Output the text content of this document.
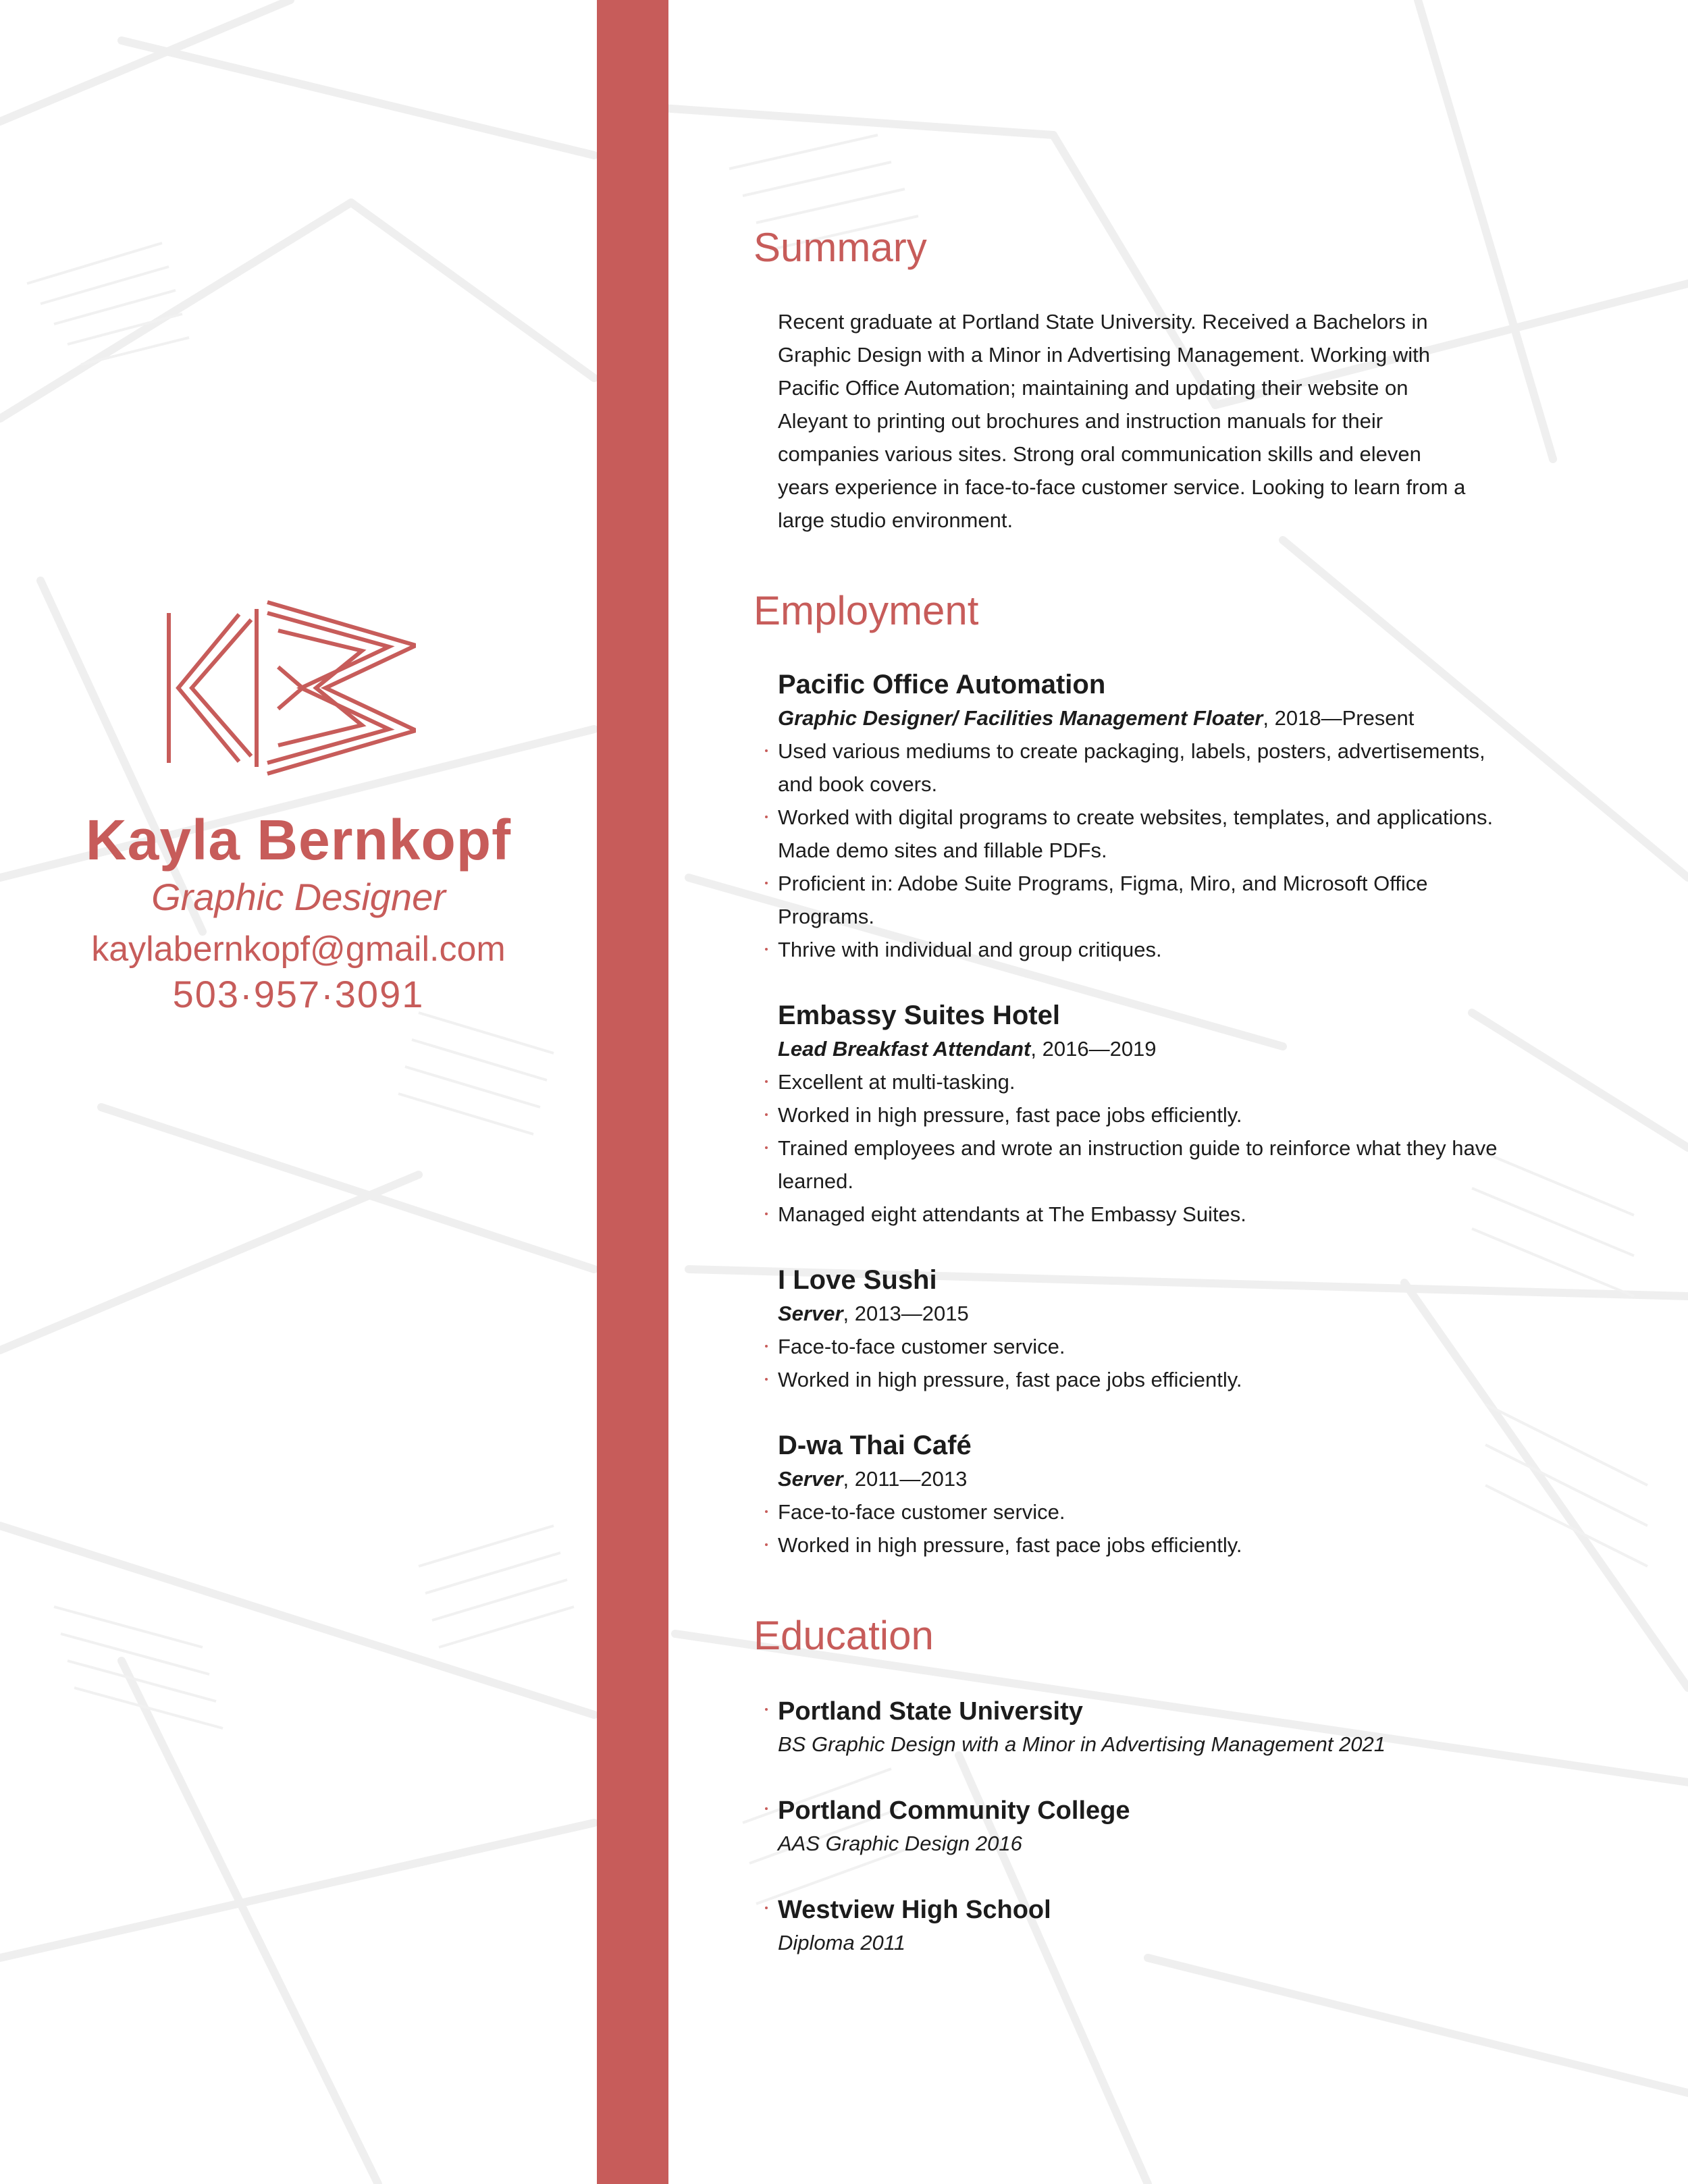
Kayla Bernkopf
Graphic Designer
kaylabernkopf@gmail.com
503·957·3091
Summary
Recent graduate at Portland State University. Received a Bachelors in Graphic Design with a Minor in Advertising Management. Working with Pacific Office Automation; maintaining and updating their website on Aleyant to printing out brochures and instruction manuals for their companies various sites. Strong oral communication skills and eleven years experience in face-to-face customer service. Looking to learn from a large studio environment.
Employment
Pacific Office Automation
Graphic Designer/ Facilities Management Floater, 2018—Present
Used various mediums to create packaging, labels, posters, advertisements, and book covers.
Worked with digital programs to create websites, templates, and applications. Made demo sites and fillable PDFs.
Proficient in: Adobe Suite Programs, Figma, Miro, and Microsoft Office Programs.
Thrive with individual and group critiques.
Embassy Suites Hotel
Lead Breakfast Attendant, 2016—2019
Excellent at multi-tasking.
Worked in high pressure, fast pace jobs efficiently.
Trained employees and wrote an instruction guide to reinforce what they have learned.
Managed eight attendants at The Embassy Suites.
I Love Sushi
Server, 2013—2015
Face-to-face customer service.
Worked in high pressure, fast pace jobs efficiently.
D-wa Thai Café
Server, 2011—2013
Face-to-face customer service.
Worked in high pressure, fast pace jobs efficiently.
Education
Portland State University
BS Graphic Design with a Minor in Advertising Management 2021
Portland Community College
AAS Graphic Design 2016
Westview High School
Diploma 2011
